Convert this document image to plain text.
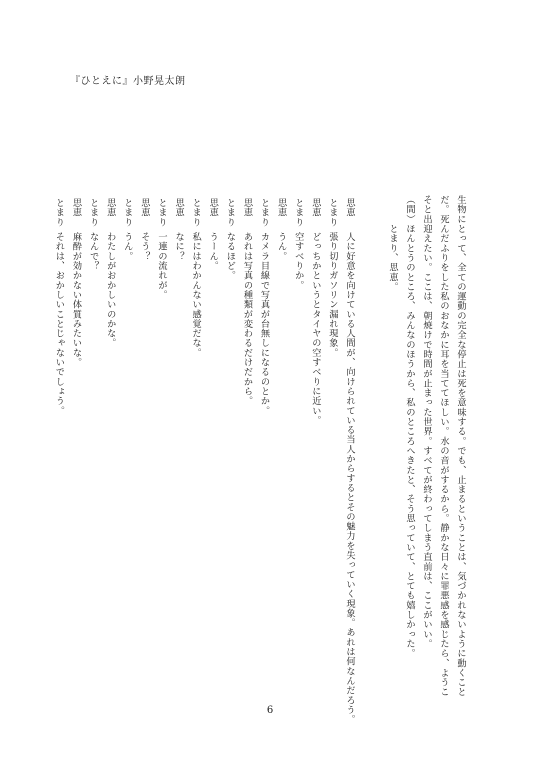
『ひとえに』小野晃太朗
生物にとって、全ての運動の完全な停止は死を意味する。でも、止まるということは、気づかれないように動くこと
だ。死んだふりをした私のおなかに耳を当ててほしい。水の音がするから。静かな日々に罪悪感を感じたら、ようこ
そと出迎えたい。ここは、朝焼けで時間が止まった世界。すべてが終わってしまう直前は、ここがいい。
（間）ほんとうのところ、みんなのほうから、私のところへきたと、そう思っていて、とても嬉しかった。
　　　とまり、思恵。
思恵人に好意を向けている人間が、向けられている当人からするとその魅力を失っていく現象。あれは何なんだろう。
とまり張り切りガソリン漏れ現象。
思恵どっちかというとタイヤの空すべりに近い。
とまり空すべりか。
思恵うん。
とまりカメラ目線で写真が台無しになるのとか。
思恵あれは写真の種類が変わるだけだから。
とまりなるほど。
思恵うーん。
とまり私にはわかんない感覚だな。
思恵なに？
とまり一連の流れが。
思恵そう？
とまりうん。
思恵わたしがおかしいのかな。
とまりなんで？
思恵麻酔が効かない体質みたいな。
とまりそれは、おかしいことじゃないでしょう。
6
